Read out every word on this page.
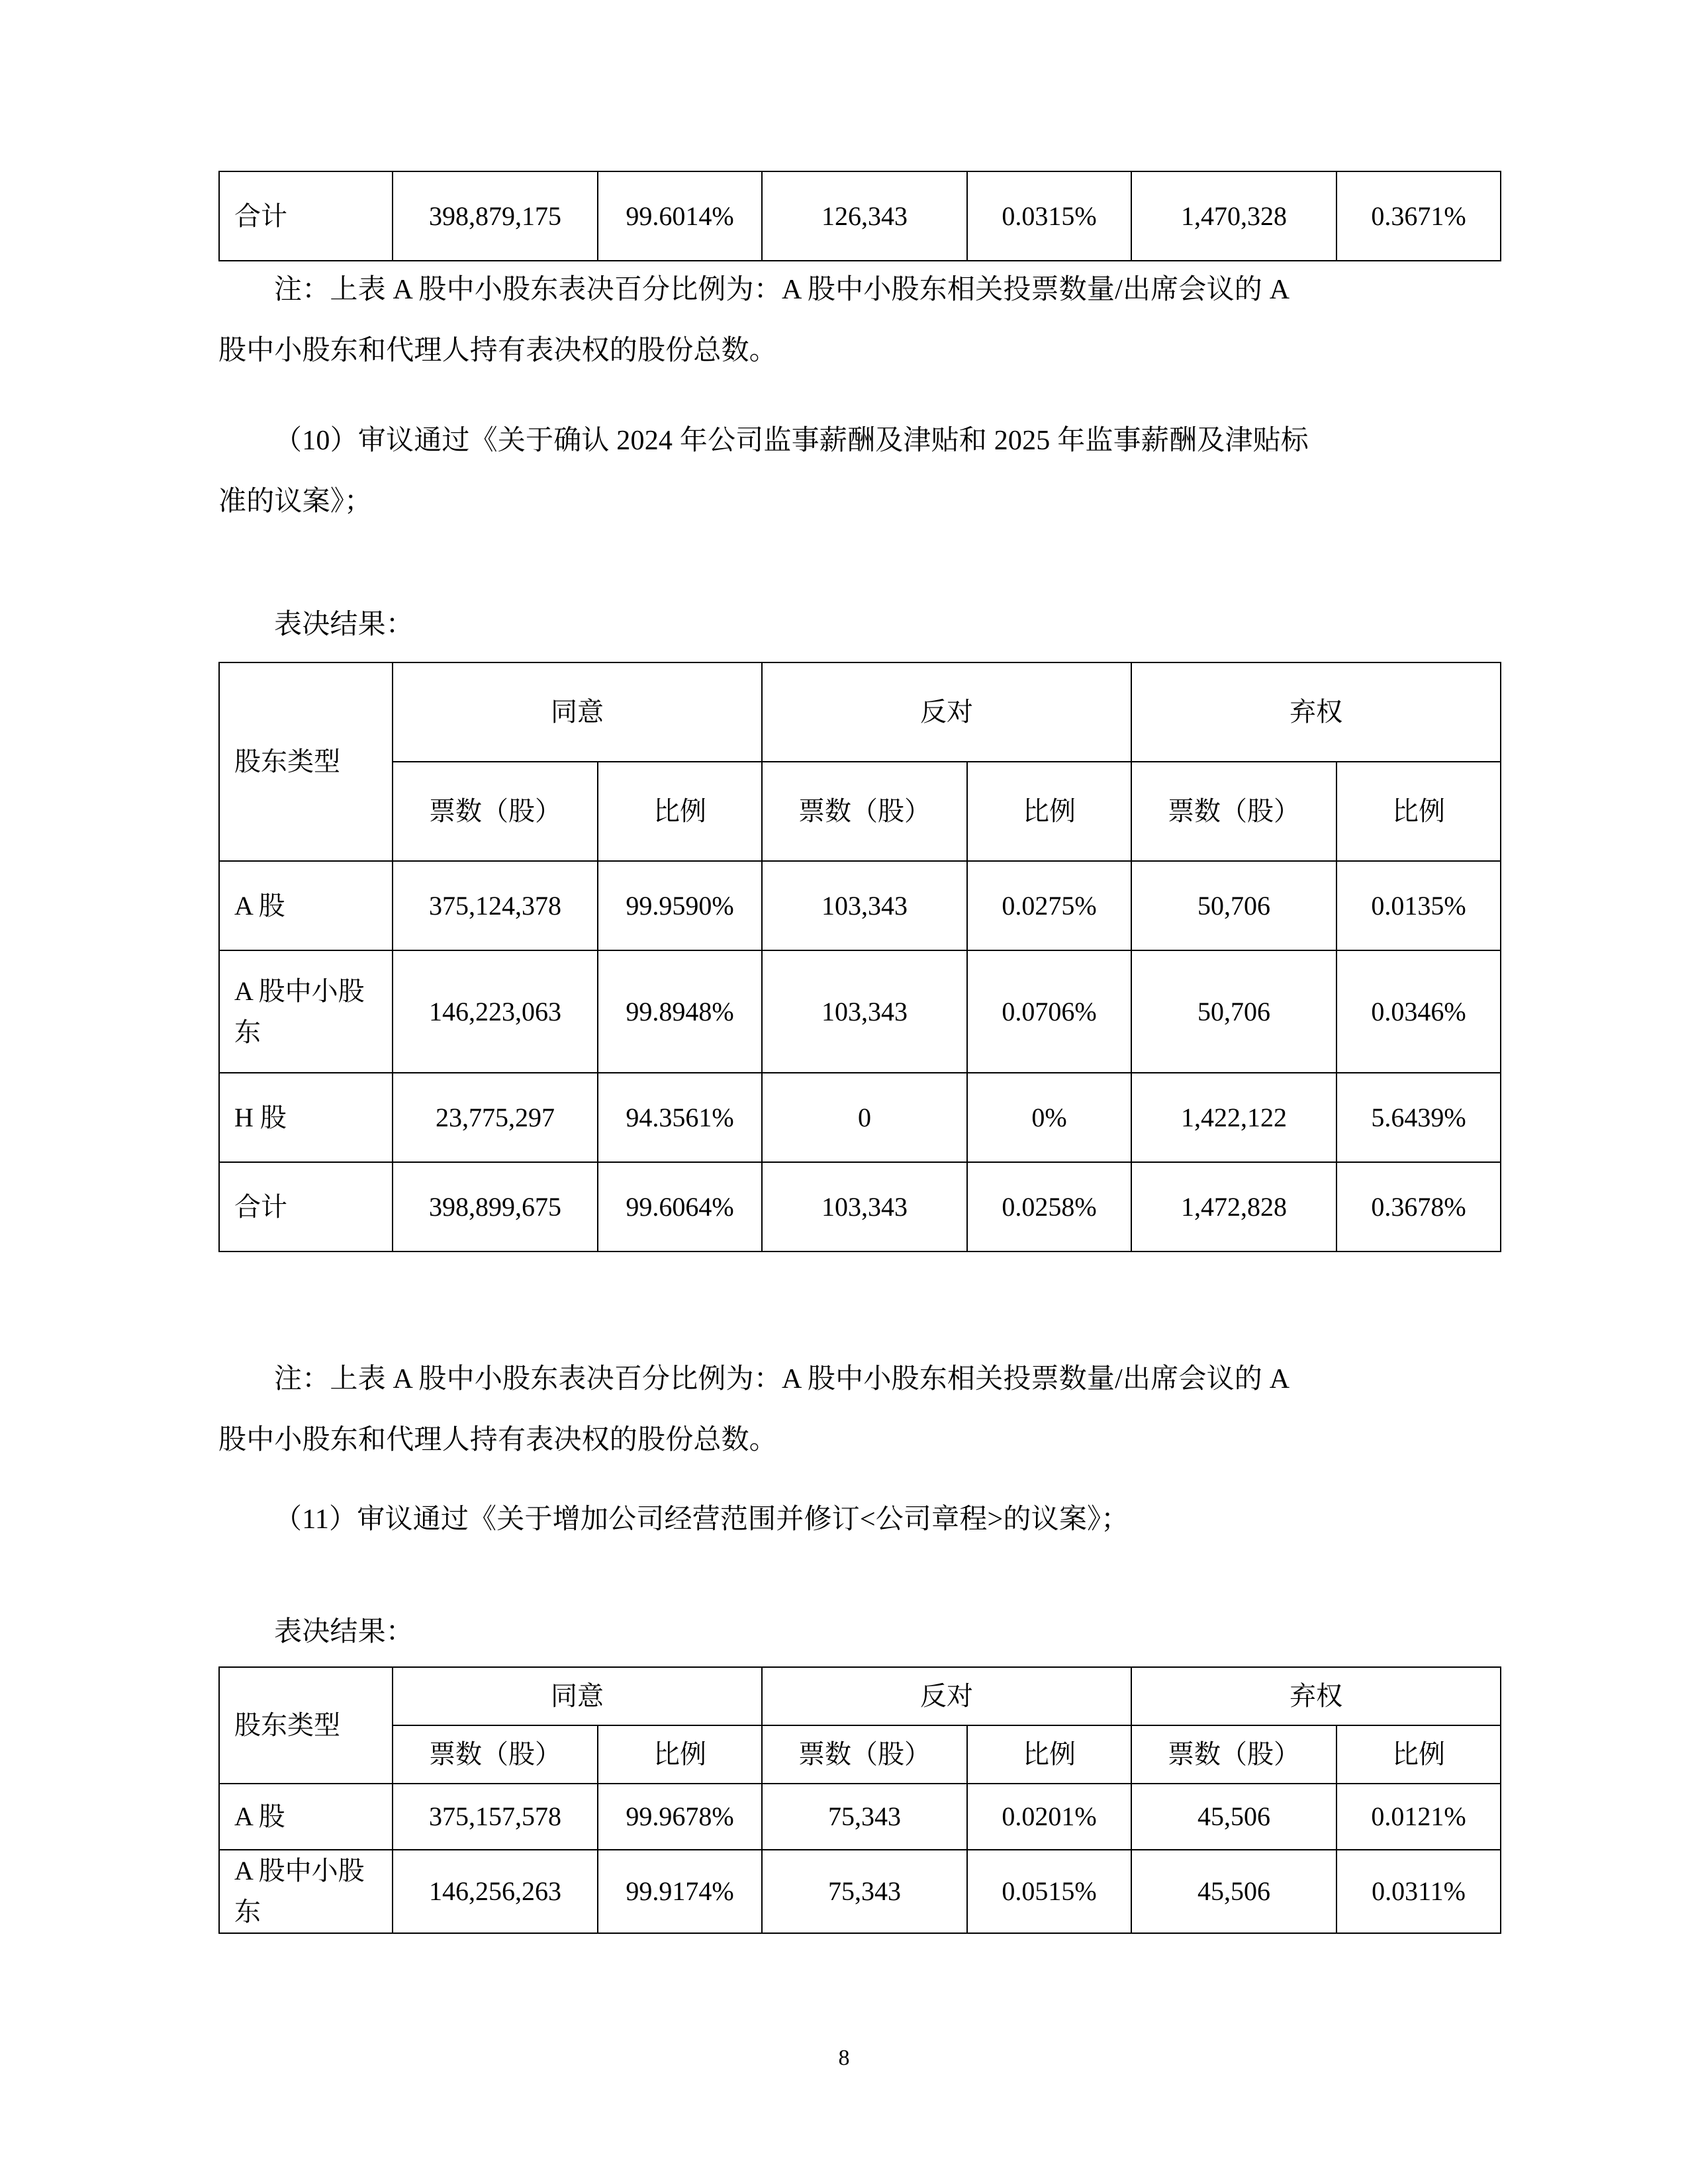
合计	398,879,175	99.6014%	126,343	0.0315%	1,470,328	0.3671%

注：上表 A 股中小股东表决百分比例为：A 股中小股东相关投票数量/出席会议的 A

股中小股东和代理人持有表决权的股份总数。

（10）审议通过《关于确认 2024 年公司监事薪酬及津贴和 2025 年监事薪酬及津贴标

准的议案》；

表决结果：

股东类型	同意		反对		弃权	
	票数（股）	比例	票数（股）	比例	票数（股）	比例
A 股	375,124,378	99.9590%	103,343	0.0275%	50,706	0.0135%
A 股中小股东	146,223,063	99.8948%	103,343	0.0706%	50,706	0.0346%
H 股	23,775,297	94.3561%	0	0%	1,422,122	5.6439%
合计	398,899,675	99.6064%	103,343	0.0258%	1,472,828	0.3678%

注：上表 A 股中小股东表决百分比例为：A 股中小股东相关投票数量/出席会议的 A

股中小股东和代理人持有表决权的股份总数。

（11）审议通过《关于增加公司经营范围并修订<公司章程>的议案》；

表决结果：

股东类型	同意		反对		弃权	
	票数（股）	比例	票数（股）	比例	票数（股）	比例
A 股	375,157,578	99.9678%	75,343	0.0201%	45,506	0.0121%
A 股中小股东	146,256,263	99.9174%	75,343	0.0515%	45,506	0.0311%
8
